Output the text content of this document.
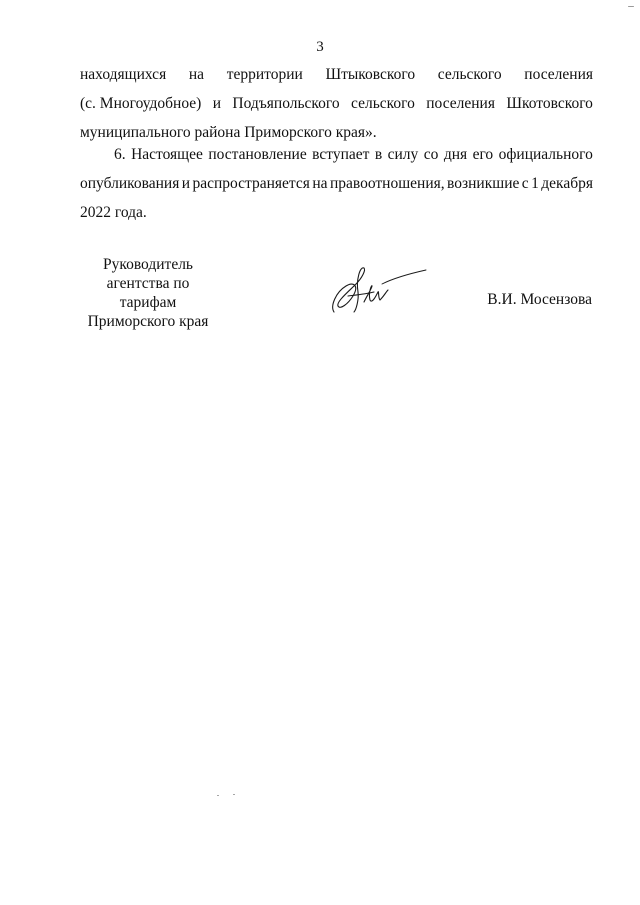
3
находящихся на территории Штыковского сельского поселения
(с. Многоудобное) и Подъяпольского сельского поселения Шкотовского
муниципального района Приморского края».
6. Настоящее постановление вступает в силу со дня его официального
опубликования и распространяется на правоотношения, возникшие с 1 декабря
2022 года.
Руководитель
агентства по тарифам
Приморского края
В.И. Мосензова
